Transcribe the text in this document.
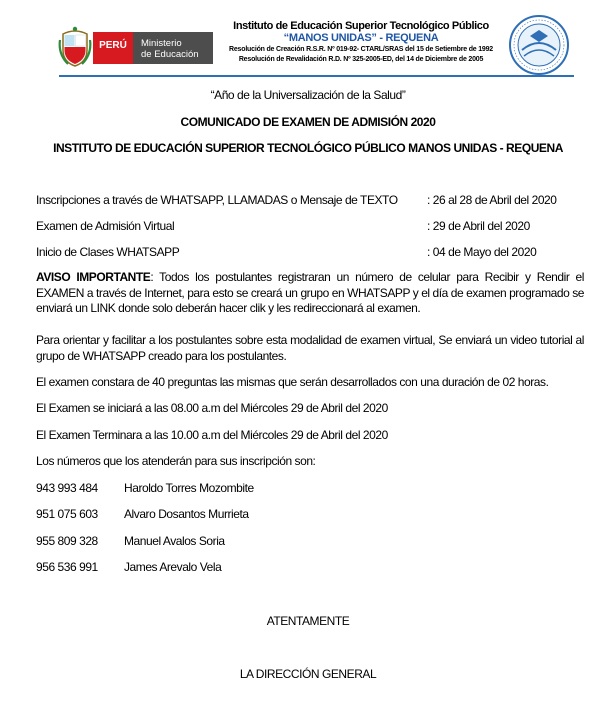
PERÚ	Ministerio
de Educación
Instituto de Educación Superior Tecnológico Público
“MANOS UNIDAS” - REQUENA
Resolución de Creación R.S.R. Nº 019-92- CTARL/SRAS del 15 de Setiembre de 1992
Resolución de Revalidación R.D. Nº 325-2005-ED, del 14 de Diciembre de 2005
“Año de la Universalización de la Salud”
COMUNICADO DE EXAMEN DE ADMISIÓN 2020
INSTITUTO DE EDUCACIÓN SUPERIOR TECNOLÓGICO PÚBLICO MANOS UNIDAS - REQUENA
Inscripciones a través de WHATSAPP, LLAMADAS o Mensaje de TEXTO : 26 al 28 de Abril del 2020
Examen de Admisión Virtual	: 29 de Abril del 2020
Inicio de Clases WHATSAPP	: 04 de Mayo del 2020
AVISO IMPORTANTE: Todos los postulantes registraran un número de celular para Recibir y Rendir el EXAMEN a través de Internet, para esto se creará un grupo en WHATSAPP y el día de examen programado se enviará un LINK donde solo deberán hacer clik y les redireccionará al examen.
Para orientar y facilitar a los postulantes sobre esta modalidad de examen virtual, Se enviará un video tutorial al grupo de WHATSAPP creado para los postulantes.
El examen constara de 40 preguntas las mismas que serán desarrollados con una duración de 02 horas.
El Examen se iniciará a las 08.00 a.m del Miércoles 29 de Abril del 2020
El Examen Terminara a las 10.00 a.m del Miércoles 29 de Abril del 2020
Los números que los atenderán para sus inscripción son:
943 993 484 Haroldo Torres Mozombite
951 075 603 Alvaro Dosantos Murrieta
955 809 328 Manuel Avalos Soria
956 536 991 James Arevalo Vela
ATENTAMENTE
LA DIRECCIÓN GENERAL
